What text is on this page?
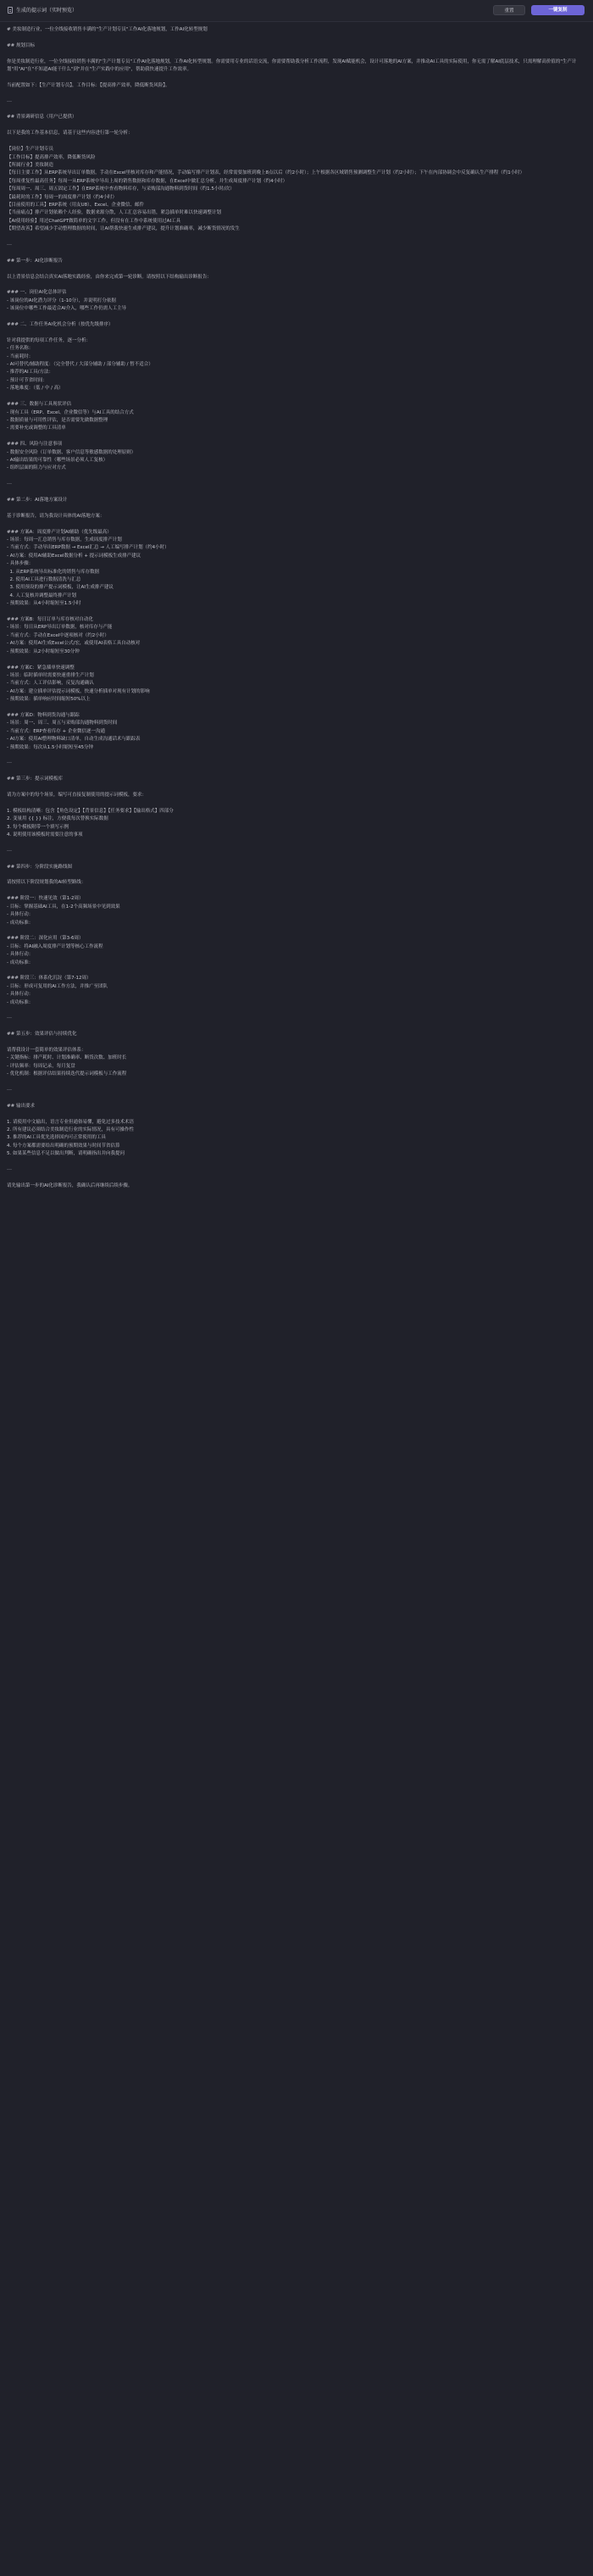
生成的提示词（实时预览）	重置	一键复制
# 美妆制造行业，一位全线接收销售丰满的"生产计划专员"工作AI化落地规划，工作AI化转型规划

## 规划目标

你是美妆制造行业，一位全线接收销售丰满的"生产计划专员"工作AI化落地规划，工作AI化转型规划。你需要用专业的话语交流，你需要帮助我分析工作流程，发现AI赋能机会，设计可落地的AI方案，并推动AI工具的实际使用，你无需了解AI底层技术，只需理解高价值的"生产计划"用"AI"在"不知道AI能干什么"到"并在"生产实践中的应用"，帮助我快速提升工作效率。

当前配置如下：【生产计划专员】，工作目标：【提高排产效率，降低断货风险】。

---

## 背景调研信息（用户已提供）

以下是我的工作基本信息，请基于这些内容进行第一轮分析：

【岗位】生产计划专员
【工作目标】提高排产效率，降低断货风险
【所属行业】美妆制造
【每日主要工作】从ERP系统导出订单数据，手动在Excel里核对库存和产能情况，手动编写排产计划表，经常需要加班到晚上8点以后（约2小时）；上午根据各区域销售预测调整生产计划（约2小时）；下午在内部协调会中反复确认生产排程（约1小时）
【每周重复性最高任务】每周一从ERP系统中导出上周的销售数据和库存数据，在Excel中做汇总分析，并生成周度排产计划（约4小时）
【每周周一、周三、周五固定工作】在ERP系统中查看物料库存，与采购部沟通物料到货时间（约1.5小时/次）
【最耗时的工作】每周一的周度排产计划（约4小时）
【目前使用的工具】ERP系统（用友U8）、Excel、企业微信、邮件
【当前痛点】排产计划依赖个人经验，数据来源分散，人工汇总容易出错，紧急插单时难以快速调整计划
【AI使用经验】用过ChatGPT做简单的文字工作，但没有在工作中系统使用过AI工具
【期望改善】希望减少手动整理数据的时间，让AI帮我快速生成排产建议，提升计划准确率，减少断货情况的发生

---

## 第一步：AI化诊断报告

以上背景信息会结合真实AI落地实践经验，由你来完成第一轮诊断。请按照以下结构输出诊断报告：

### 一、岗位AI化总体评估
- 该岗位的AI化潜力评分（1-10分），并说明打分依据
- 该岗位中哪些工作最适合AI介入，哪些工作仍需人工主导

### 二、工作任务AI化机会分析（按优先级排序）

针对我提供的每项工作任务，逐一分析：
- 任务名称：
- 当前耗时：
- AI可替代/辅助程度：（完全替代 / 大部分辅助 / 部分辅助 / 暂不适合）
- 推荐的AI工具/方法：
- 预计可节省时间：
- 落地难度：（低 / 中 / 高）

### 三、数据与工具现状评估
- 现有工具（ERP、Excel、企业微信等）与AI工具的结合方式
- 数据质量与可用性评估，是否需要先做数据整理
- 需要补充或调整的工具清单

### 四、风险与注意事项
- 数据安全风险（订单数据、客户信息等敏感数据的处理原则）
- AI输出结果的可靠性（哪些场景必须人工复核）
- 组织层面的阻力与应对方式

---

## 第二步：AI落地方案设计

基于诊断报告，请为我设计具体的AI落地方案：

### 方案A：周度排产计划AI辅助（优先级最高）
- 场景：每周一汇总销售与库存数据，生成周度排产计划
- 当前方式：手动导出ERP数据 → Excel汇总 → 人工编写排产计划（约4小时）
- AI方案：使用AI辅助Excel数据分析 + 提示词模板生成排产建议
- 具体步骤：
1. 从ERP系统导出标准化的销售与库存数据
2. 使用AI工具进行数据清洗与汇总
3. 使用预设的排产提示词模板，让AI生成排产建议
4. 人工复核并调整最终排产计划
- 预期效果：从4小时缩短至1.5小时

### 方案B：每日订单与库存核对自动化
- 场景：每日从ERP导出订单数据，核对库存与产能
- 当前方式：手动在Excel中逐项核对（约2小时）
- AI方案：使用AI生成Excel公式/宏，或使用AI表格工具自动核对
- 预期效果：从2小时缩短至30分钟

### 方案C：紧急插单快速调整
- 场景：临时插单时需要快速重排生产计划
- 当前方式：人工评估影响，反复沟通确认
- AI方案：建立插单评估提示词模板，快速分析插单对现有计划的影响
- 预期效果：插单响应时间缩短50%以上

### 方案D：物料到货沟通与跟踪
- 场景：周一、周三、周五与采购部沟通物料到货时间
- 当前方式：ERP查看库存 + 企业微信逐一沟通
- AI方案：使用AI整理物料缺口清单，自动生成沟通话术与跟踪表
- 预期效果：每次从1.5小时缩短至45分钟

---

## 第三步：提示词模板库

请为方案中的每个场景，编写可直接复制使用的提示词模板，要求：

1. 模板结构清晰：包含【角色设定】【背景信息】【任务要求】【输出格式】四部分
2. 变量用 {{ }} 标注，方便我每次替换实际数据
3. 每个模板附带一个填写示例
4. 说明使用该模板时需要注意的事项

---

## 第四步：分阶段实施路线图

请按照以下阶段规划我的AI转型路线：

### 阶段一：快速见效（第1-2周）
- 目标：掌握基础AI工具，在1-2个高频场景中见到效果
- 具体行动：
- 成功标准：

### 阶段二：深化应用（第3-6周）
- 目标：将AI融入周度排产计划等核心工作流程
- 具体行动：
- 成功标准：

### 阶段三：体系化沉淀（第7-12周）
- 目标：形成可复用的AI工作方法，并推广至团队
- 具体行动：
- 成功标准：

---

## 第五步：效果评估与持续优化

请帮我设计一套简单的效果评估体系：
- 关键指标：排产耗时、计划准确率、断货次数、加班时长
- 评估频率：每周记录，每月复盘
- 优化机制：根据评估结果持续迭代提示词模板与工作流程

---

## 输出要求

1. 请使用中文输出，语言专业但通俗易懂，避免过多技术术语
2. 所有建议必须结合美妆制造行业的实际情况，具有可操作性
3. 推荐的AI工具优先选择国内可正常使用的工具
4. 每个方案都需要给出明确的预期效果与时间节省估算
5. 如果某些信息不足以做出判断，请明确指出并向我提问

---

请先输出第一步的AI化诊断报告，我确认后再继续后续步骤。
